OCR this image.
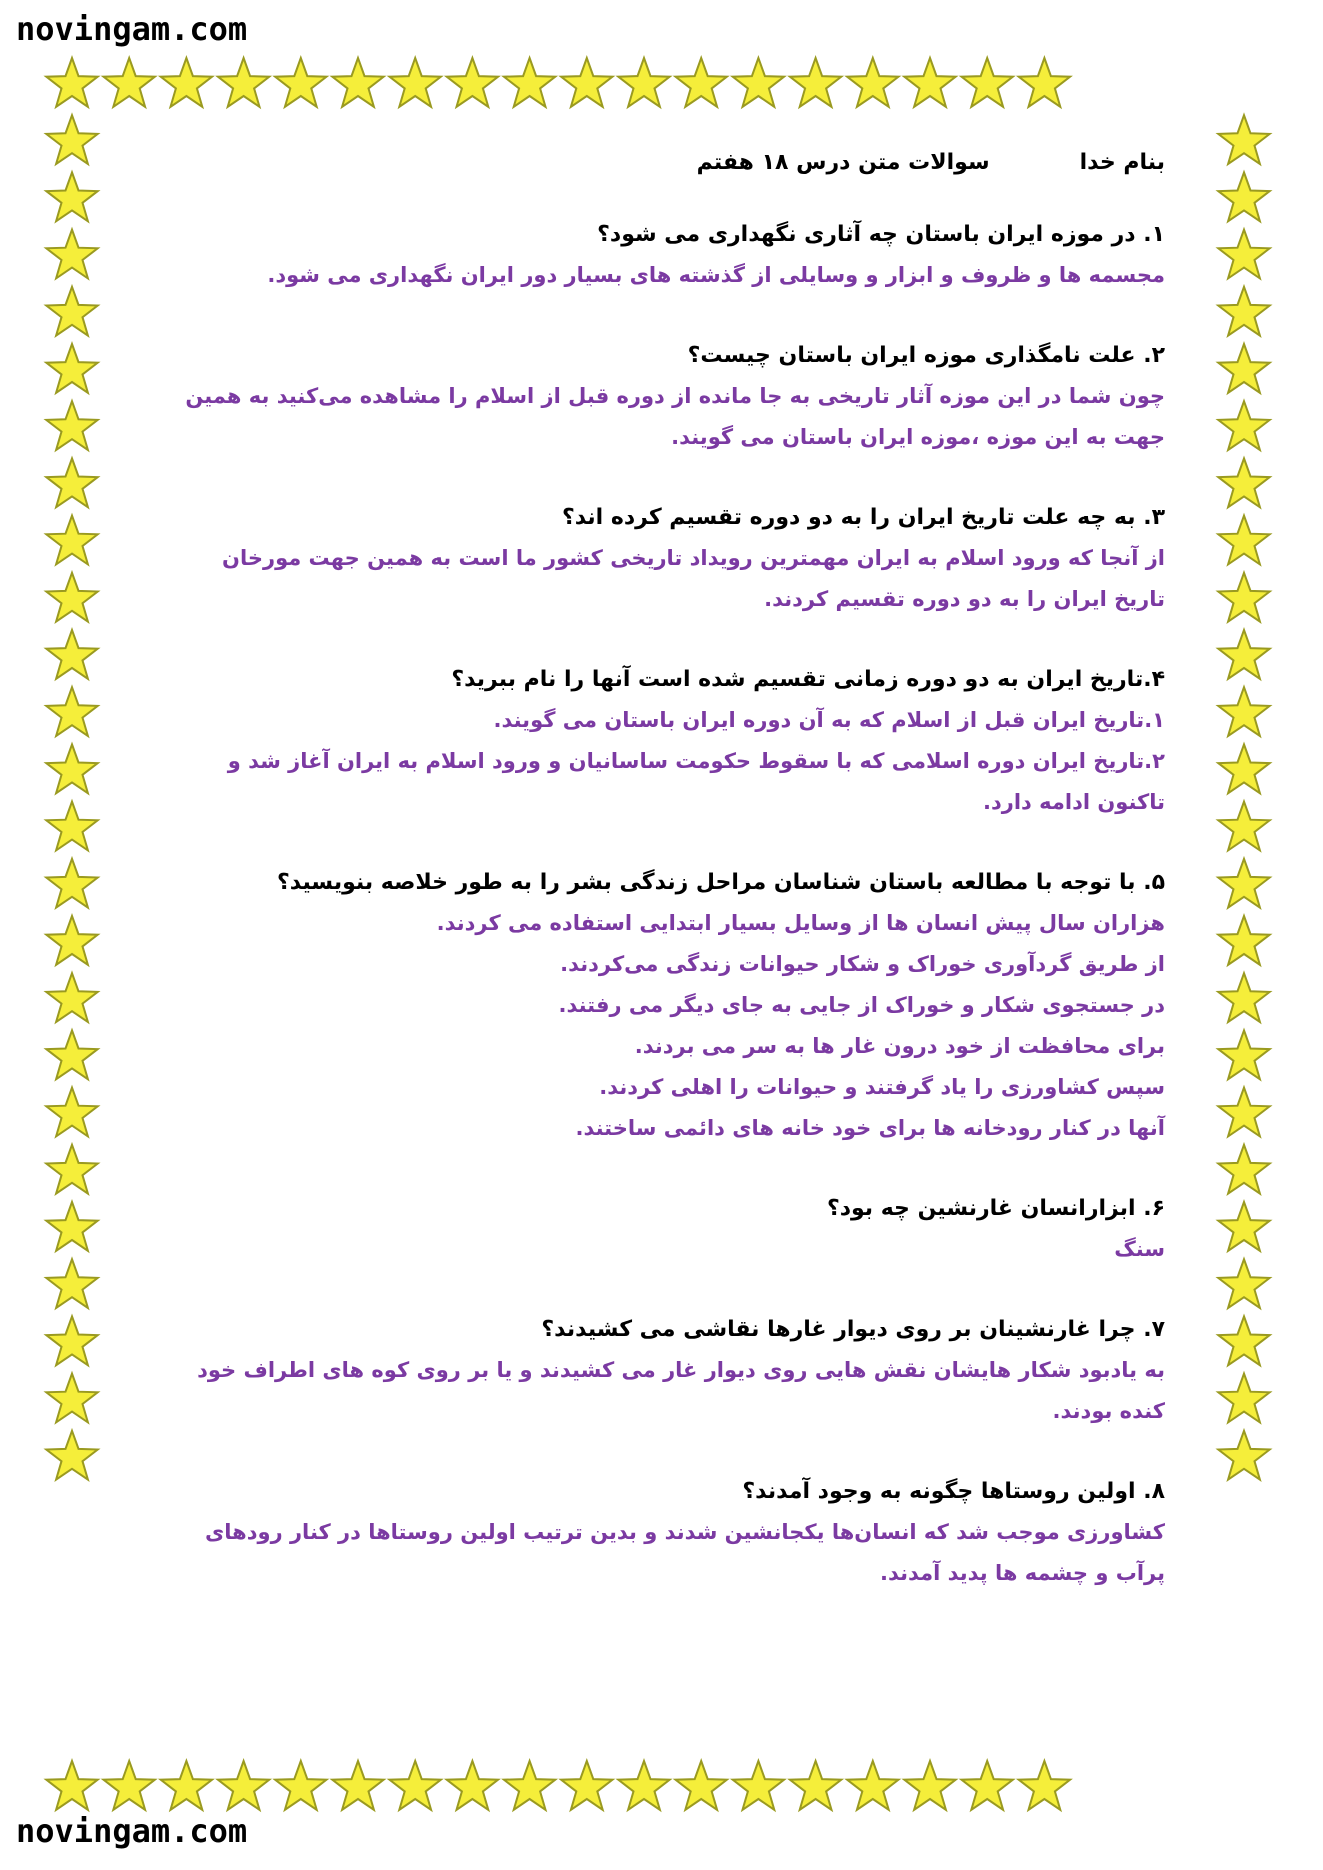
novingam.com
بنام خدا
سوالات متن درس ۱۸ هفتم
۱. در موزه ایران باستان چه آثاری نگهداری می شود؟
مجسمه ها و ظروف و ابزار و وسایلی از گذشته های بسیار دور ایران نگهداری می شود.
۲. علت نامگذاری موزه ایران باستان چیست؟
چون شما در این موزه آثار تاریخی به جا مانده از دوره قبل از اسلام را مشاهده می‌کنید به همین
جهت به این موزه ،موزه ایران باستان می گویند.
۳. به چه علت تاریخ ایران را به دو دوره تقسیم کرده اند؟
از آنجا که ورود اسلام به ایران مهمترین رویداد تاریخی کشور ما است به همین جهت مورخان
تاریخ ایران را به دو دوره تقسیم کردند.
۴.تاریخ ایران به دو دوره زمانی تقسیم شده است آنها را نام ببرید؟
۱.تاریخ ایران قبل از اسلام که به آن دوره ایران باستان می گویند.
۲.تاریخ ایران دوره اسلامی که با سقوط حکومت ساسانیان و ورود اسلام به ایران آغاز شد و
تاکنون ادامه دارد.
۵. با توجه با مطالعه باستان شناسان مراحل زندگی بشر را به طور خلاصه بنویسید؟
هزاران سال پیش انسان ها از وسایل بسیار ابتدایی استفاده می کردند.
از طریق گردآوری خوراک و شکار حیوانات زندگی می‌کردند.
در جستجوی شکار و خوراک از جایی به جای دیگر می رفتند.
برای محافظت از خود درون غار ها به سر می بردند.
سپس کشاورزی را یاد گرفتند و حیوانات را اهلی کردند.
آنها در کنار رودخانه ها برای خود خانه های دائمی ساختند.
۶. ابزارانسان غارنشین چه بود؟
سنگ
۷. چرا غارنشینان بر روی دیوار غارها نقاشی می کشیدند؟
به یادبود شکار هایشان نقش هایی روی دیوار غار می کشیدند و یا بر روی کوه های اطراف خود
کنده بودند.
۸. اولین روستاها چگونه به وجود آمدند؟
کشاورزی موجب شد که انسان‌ها یکجانشین شدند و بدین ترتیب اولین روستاها در کنار رودهای
پرآب و چشمه ها پدید آمدند.
novingam.com
